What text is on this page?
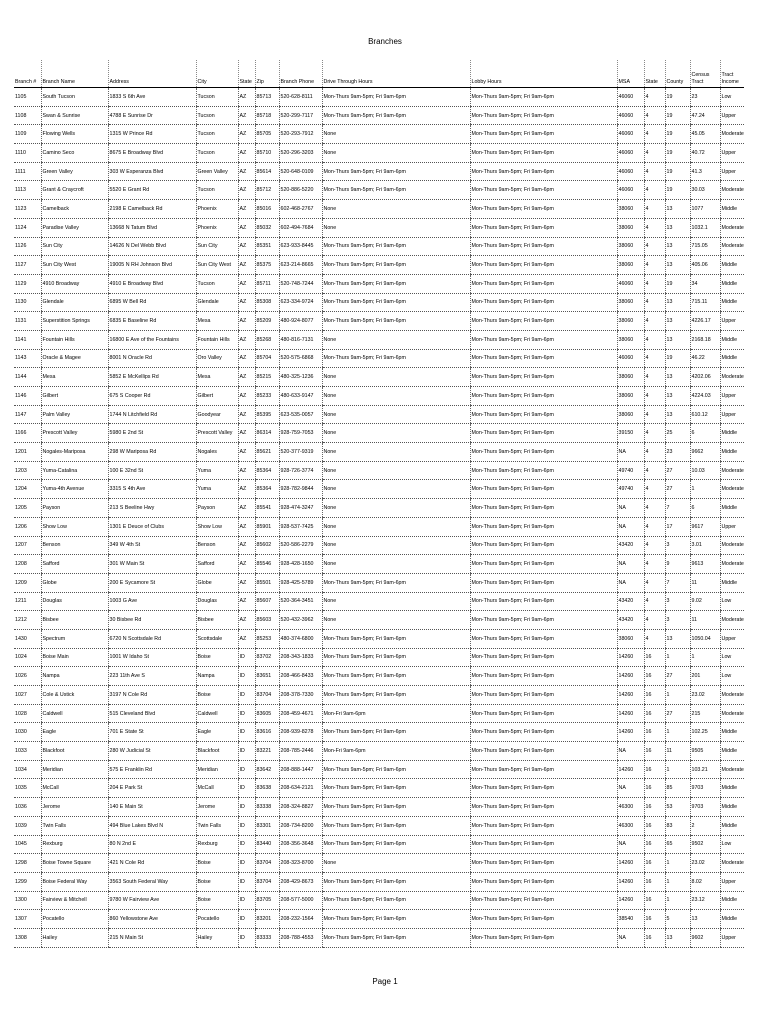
Branches
Branch #	Branch Name	Address	City	State	Zip	Branch Phone	Drive Through Hours	Lobby Hours	MSA	State	County	Census Tract	Tract Income
1105	South Tucson	1833 S 6th Ave	Tucson	AZ	85713	520-628-8111	Mon-Thurs 9am-5pm; Fri 9am-6pm	Mon-Thurs 9am-5pm; Fri 9am-6pm	46060	4	19	23	Low
1108	Swan & Sunrise	4788 E Sunrise Dr	Tucson	AZ	85718	520-299-7117	Mon-Thurs 9am-5pm; Fri 9am-6pm	Mon-Thurs 9am-5pm; Fri 9am-6pm	46060	4	19	47.24	Upper
1109	Flowing Wells	1315 W Prince Rd	Tucson	AZ	85705	520-293-7912	None	Mon-Thurs 9am-5pm; Fri 9am-6pm	46060	4	19	45.05	Moderate
1110	Camino Seco	8675 E Broadway Blvd	Tucson	AZ	85710	520-296-3203	None	Mon-Thurs 9am-5pm; Fri 9am-6pm	46060	4	19	40.72	Upper
1111	Green Valley	303 W Esperanza Blvd	Green Valley	AZ	85614	520-648-0109	Mon-Thurs 9am-5pm; Fri 9am-6pm	Mon-Thurs 9am-5pm; Fri 9am-6pm	46060	4	19	41.3	Upper
1113	Grant & Craycroft	5520 E Grant Rd	Tucson	AZ	85712	520-886-5220	Mon-Thurs 9am-5pm; Fri 9am-6pm	Mon-Thurs 9am-5pm; Fri 9am-6pm	46060	4	19	30.03	Moderate
1123	Camelback	2198 E Camelback Rd	Phoenix	AZ	85016	602-468-2767	None	Mon-Thurs 9am-5pm; Fri 9am-6pm	38060	4	13	1077	Middle
1124	Paradise Valley	13668 N Tatum Blvd	Phoenix	AZ	85032	602-494-7684	None	Mon-Thurs 9am-5pm; Fri 9am-6pm	38060	4	13	1032.1	Moderate
1126	Sun City	14626 N Del Webb Blvd	Sun City	AZ	85351	623-933-8445	Mon-Thurs 9am-5pm; Fri 9am-6pm	Mon-Thurs 9am-5pm; Fri 9am-6pm	38060	4	13	715.05	Moderate
1127	Sun City West	19005 N RH Johnson Blvd	Sun City West	AZ	85375	623-214-8665	Mon-Thurs 9am-5pm; Fri 9am-6pm	Mon-Thurs 9am-5pm; Fri 9am-6pm	38060	4	13	405.06	Middle
1129	4910 Broadway	4910 E Broadway Blvd	Tucson	AZ	85711	520-748-7244	Mon-Thurs 9am-5pm; Fri 9am-6pm	Mon-Thurs 9am-5pm; Fri 9am-6pm	46060	4	19	34	Middle
1130	Glendale	6895 W Bell Rd	Glendale	AZ	85308	623-334-9724	Mon-Thurs 9am-5pm; Fri 9am-6pm	Mon-Thurs 9am-5pm; Fri 9am-6pm	38060	4	13	715.11	Middle
1131	Superstition Springs	6835 E Baseline Rd	Mesa	AZ	85209	480-924-8077	Mon-Thurs 9am-5pm; Fri 9am-6pm	Mon-Thurs 9am-5pm; Fri 9am-6pm	38060	4	13	4226.17	Upper
1141	Fountain Hills	16800 E Ave of the Fountains	Fountain Hills	AZ	85268	480-816-7131	None	Mon-Thurs 9am-5pm; Fri 9am-6pm	38060	4	13	2168.18	Middle
1143	Oracle & Magee	8001 N Oracle Rd	Oro Valley	AZ	85704	520-575-6868	Mon-Thurs 9am-5pm; Fri 9am-6pm	Mon-Thurs 9am-5pm; Fri 9am-6pm	46060	4	19	46.22	Middle
1144	Mesa	5852 E McKellips Rd	Mesa	AZ	85215	480-325-1236	None	Mon-Thurs 9am-5pm; Fri 9am-6pm	38060	4	13	4202.06	Moderate
1146	Gilbert	675 S Cooper Rd	Gilbert	AZ	85233	480-633-9147	None	Mon-Thurs 9am-5pm; Fri 9am-6pm	38060	4	13	4224.03	Upper
1147	Palm Valley	1744 N Litchfield Rd	Goodyear	AZ	85395	623-535-0057	None	Mon-Thurs 9am-5pm; Fri 9am-6pm	38060	4	13	610.12	Upper
1166	Prescott Valley	5980 E 2nd St	Prescott Valley	AZ	86314	928-759-7053	None	Mon-Thurs 9am-5pm; Fri 9am-6pm	39150	4	25	6	Middle
1201	Nogales-Mariposa	298 W Mariposa Rd	Nogales	AZ	85621	520-377-9319	None	Mon-Thurs 9am-5pm; Fri 9am-6pm	NA	4	23	9662	Middle
1203	Yuma-Catalina	100 E 32nd St	Yuma	AZ	85364	928-726-3774	None	Mon-Thurs 9am-5pm; Fri 9am-6pm	49740	4	27	10.03	Moderate
1204	Yuma-4th Avenue	3315 S 4th Ave	Yuma	AZ	85364	928-782-9844	None	Mon-Thurs 9am-5pm; Fri 9am-6pm	49740	4	27	1	Moderate
1205	Payson	213 S Beeline Hwy	Payson	AZ	85541	928-474-3247	None	Mon-Thurs 9am-5pm; Fri 9am-6pm	NA	4	7	6	Middle
1206	Show Low	1301 E Deuce of Clubs	Show Low	AZ	85901	928-537-7425	None	Mon-Thurs 9am-5pm; Fri 9am-6pm	NA	4	17	9617	Upper
1207	Benson	349 W 4th St	Benson	AZ	85602	520-586-2279	None	Mon-Thurs 9am-5pm; Fri 9am-6pm	43420	4	3	3.01	Moderate
1208	Safford	301 W Main St	Safford	AZ	85546	928-428-1650	None	Mon-Thurs 9am-5pm; Fri 9am-6pm	NA	4	9	9613	Moderate
1209	Globe	200 E Sycamore St	Globe	AZ	85501	928-425-5789	Mon-Thurs 9am-5pm; Fri 9am-6pm	Mon-Thurs 9am-5pm; Fri 9am-6pm	NA	4	7	11	Middle
1211	Douglas	1003 G Ave	Douglas	AZ	85607	520-364-3451	None	Mon-Thurs 9am-5pm; Fri 9am-6pm	43420	4	3	9.02	Low
1212	Bisbee	30 Bisbee Rd	Bisbee	AZ	85603	520-432-3962	None	Mon-Thurs 9am-5pm; Fri 9am-6pm	43420	4	3	11	Moderate
1430	Spectrum	6720 N Scottsdale Rd	Scottsdale	AZ	85253	480-374-6800	Mon-Thurs 9am-5pm; Fri 9am-6pm	Mon-Thurs 9am-5pm; Fri 9am-6pm	38060	4	13	1050.04	Upper
1024	Boise Main	1001 W Idaho St	Boise	ID	83702	208-343-1833	Mon-Thurs 9am-5pm; Fri 9am-6pm	Mon-Thurs 9am-5pm; Fri 9am-6pm	14260	16	1	1	Low
1026	Nampa	223 11th Ave S	Nampa	ID	83651	208-466-8433	Mon-Thurs 9am-5pm; Fri 9am-6pm	Mon-Thurs 9am-5pm; Fri 9am-6pm	14260	16	27	201	Low
1027	Cole & Ustick	3197 N Cole Rd	Boise	ID	83704	208-378-7330	Mon-Thurs 9am-5pm; Fri 9am-6pm	Mon-Thurs 9am-5pm; Fri 9am-6pm	14260	16	1	23.02	Moderate
1028	Caldwell	515 Cleveland Blvd	Caldwell	ID	83605	208-459-4671	Mon-Fri 9am-6pm	Mon-Thurs 9am-5pm; Fri 9am-6pm	14260	16	27	215	Moderate
1030	Eagle	701 E State St	Eagle	ID	83616	208-939-8278	Mon-Thurs 9am-5pm; Fri 9am-6pm	Mon-Thurs 9am-5pm; Fri 9am-6pm	14260	16	1	102.25	Middle
1033	Blackfoot	280 W Judicial St	Blackfoot	ID	83221	208-785-2446	Mon-Fri 9am-6pm	Mon-Thurs 9am-5pm; Fri 9am-6pm	NA	16	11	9505	Middle
1034	Meridian	575 E Franklin Rd	Meridian	ID	83642	208-888-1447	Mon-Thurs 9am-5pm; Fri 9am-6pm	Mon-Thurs 9am-5pm; Fri 9am-6pm	14260	16	1	103.21	Moderate
1035	McCall	204 E Park St	McCall	ID	83638	208-634-2121	Mon-Thurs 9am-5pm; Fri 9am-6pm	Mon-Thurs 9am-5pm; Fri 9am-6pm	NA	16	85	9703	Middle
1036	Jerome	140 E Main St	Jerome	ID	83338	208-324-8827	Mon-Thurs 9am-5pm; Fri 9am-6pm	Mon-Thurs 9am-5pm; Fri 9am-6pm	46300	16	53	9703	Middle
1039	Twin Falls	494 Blue Lakes Blvd N	Twin Falls	ID	83301	208-734-8200	Mon-Thurs 9am-5pm; Fri 9am-6pm	Mon-Thurs 9am-5pm; Fri 9am-6pm	46300	16	83	2	Middle
1045	Rexburg	80 N 2nd E	Rexburg	ID	83440	208-356-3648	Mon-Thurs 9am-5pm; Fri 9am-6pm	Mon-Thurs 9am-5pm; Fri 9am-6pm	NA	16	65	9502	Low
1298	Boise Towne Square	421 N Cole Rd	Boise	ID	83704	208-323-8700	None	Mon-Thurs 9am-5pm; Fri 9am-6pm	14260	16	1	23.02	Moderate
1299	Boise Federal Way	3563 South Federal Way	Boise	ID	83704	208-429-8673	Mon-Thurs 9am-5pm; Fri 9am-6pm	Mon-Thurs 9am-5pm; Fri 9am-6pm	14260	16	1	8.02	Upper
1300	Fairview & Mitchell	9780 W Fairview Ave	Boise	ID	83705	208-577-5000	Mon-Thurs 9am-5pm; Fri 9am-6pm	Mon-Thurs 9am-5pm; Fri 9am-6pm	14260	16	1	23.12	Middle
1307	Pocatello	860 Yellowstone Ave	Pocatello	ID	83201	208-232-1564	Mon-Thurs 9am-5pm; Fri 9am-6pm	Mon-Thurs 9am-5pm; Fri 9am-6pm	38540	16	5	13	Middle
1308	Hailey	215 N Main St	Hailey	ID	83333	208-788-4553	Mon-Thurs 9am-5pm; Fri 9am-6pm	Mon-Thurs 9am-5pm; Fri 9am-6pm	NA	16	13	9602	Upper
Page 1
